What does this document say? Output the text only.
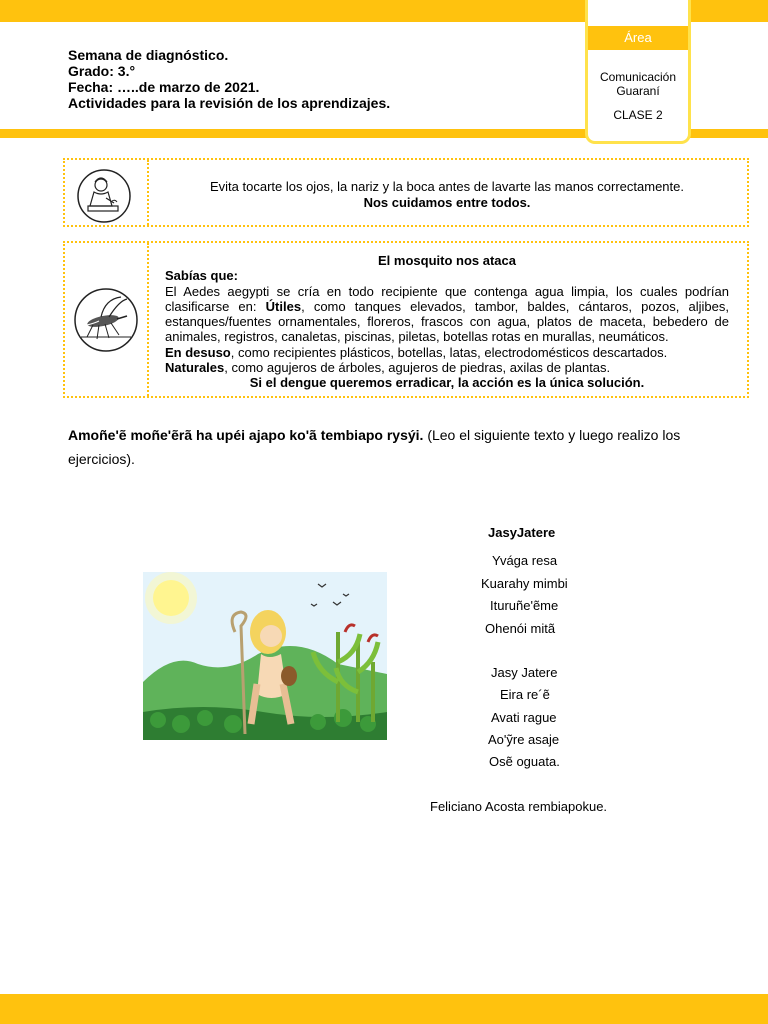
• •
Área
Comunicación
Guaraní
CLASE 2
Semana de diagnóstico.
Grado: 3.°
Fecha: …..de marzo de 2021.
Actividades para la revisión de los aprendizajes.
Evita tocarte los ojos, la nariz y la boca antes de lavarte las manos correctamente.
Nos cuidamos entre todos.
El mosquito nos ataca
Sabías que:
El Aedes aegypti se cría en todo recipiente que contenga agua limpia, los cuales podrían clasificarse en: Útiles, como tanques elevados, tambor, baldes, cántaros, pozos, aljibes, estanques/fuentes ornamentales, floreros, frascos con agua, platos de maceta, bebedero de animales, registros, canaletas, piscinas, piletas, botellas rotas en murallas, neumáticos.
En desuso, como recipientes plásticos, botellas, latas, electrodomésticos descartados.
Naturales, como agujeros de árboles, agujeros de piedras, axilas de plantas.
Si el dengue queremos erradicar, la acción es la única solución.
Amoñe'ẽ moñe'ẽrã ha upéi ajapo ko'ã tembiapo rysýi. (Leo el siguiente texto y luego realizo los ejercicios).
JasyJatere
Yvága resa
Kuarahy mimbi
Ituruñe'ẽme
Ohenói mitã
Jasy Jatere
Eira re´ẽ
Avati rague
Ao'ỹre asaje
Osẽ oguata.
Feliciano Acosta rembiapokue.
